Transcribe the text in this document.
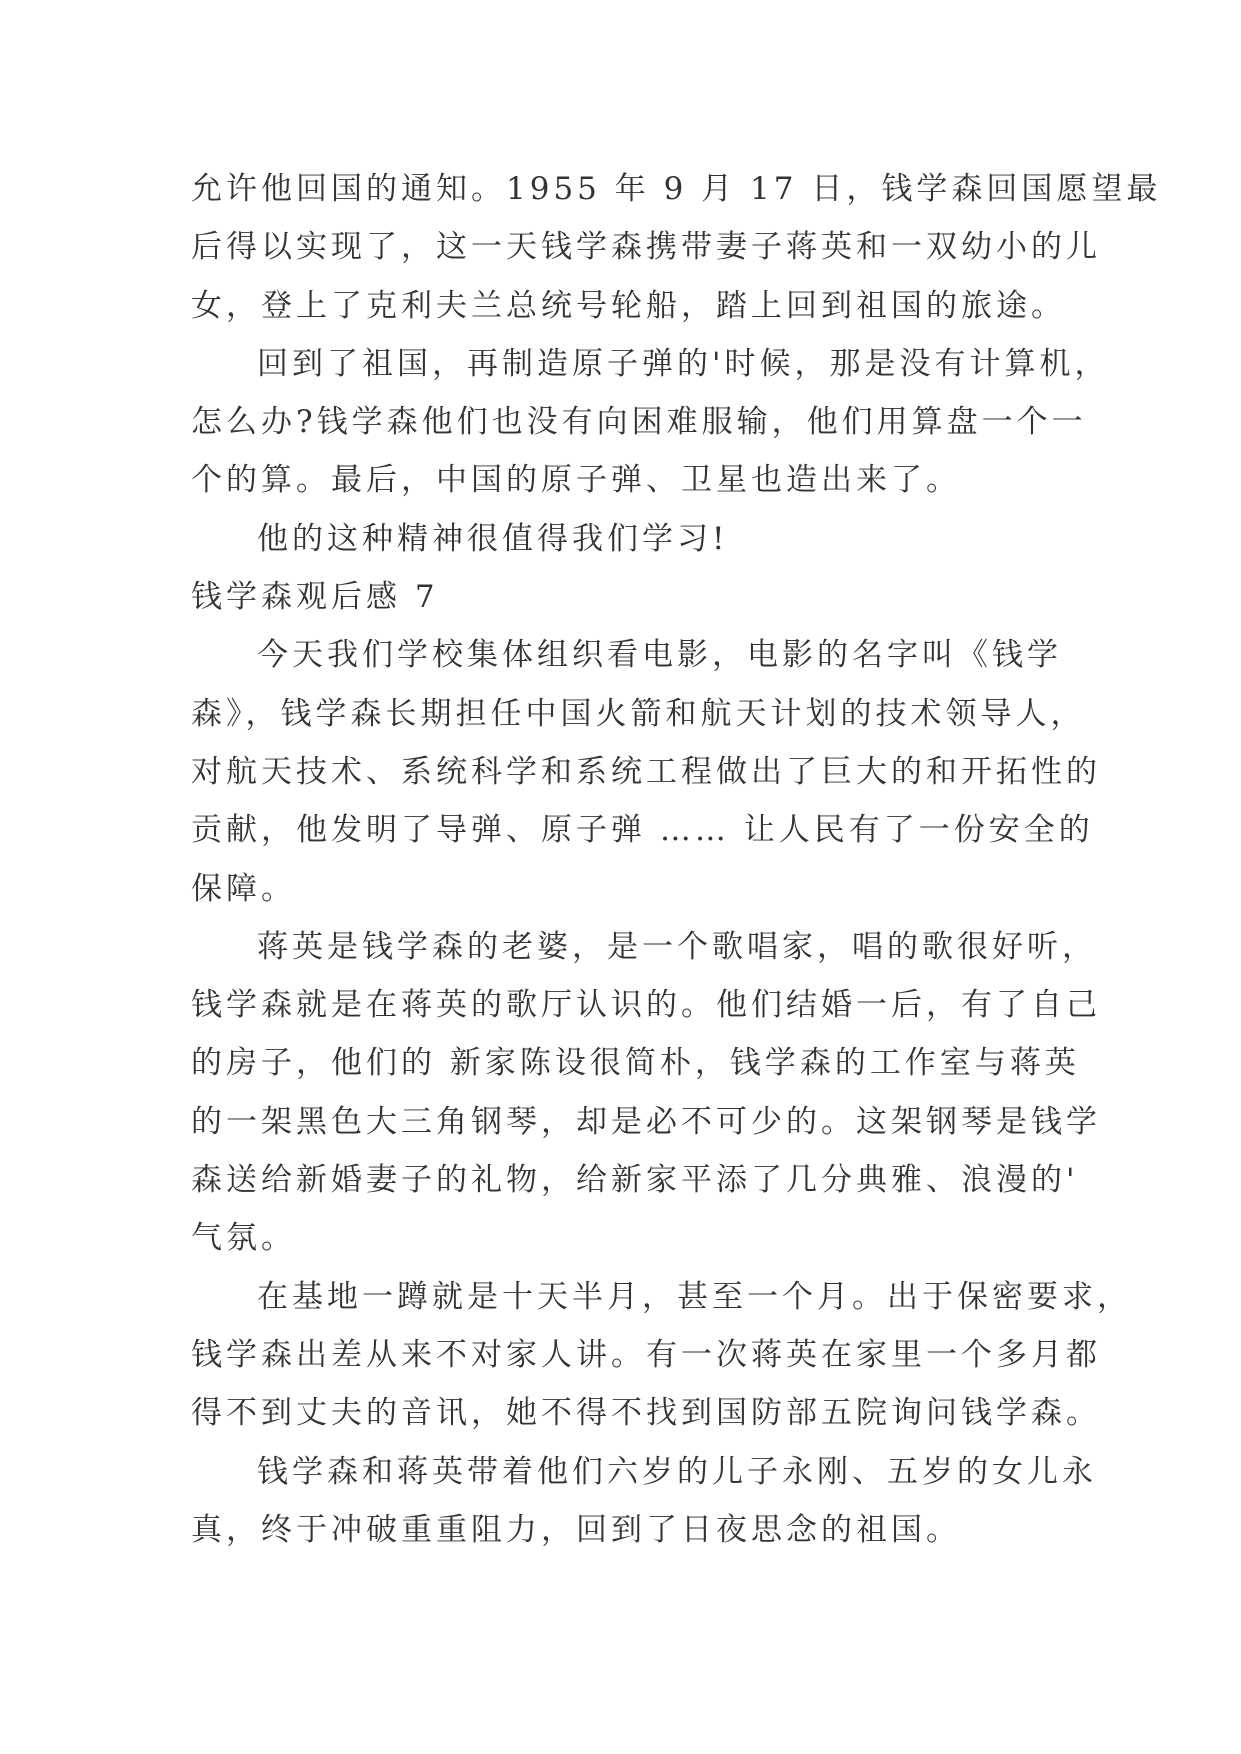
允许他回国的通知。1955 年 9 月 17 日，钱学森回国愿望最
后得以实现了，这一天钱学森携带妻子蒋英和一双幼小的儿
女，登上了克利夫兰总统号轮船，踏上回到祖国的旅途。
回到了祖国，再制造原子弹的'时候，那是没有计算机，
怎么办?钱学森他们也没有向困难服输，他们用算盘一个一
个的算。最后，中国的原子弹、卫星也造出来了。
他的这种精神很值得我们学习!
钱学森观后感 7
今天我们学校集体组织看电影，电影的名字叫《钱学
森》，钱学森长期担任中国火箭和航天计划的技术领导人，
对航天技术、系统科学和系统工程做出了巨大的和开拓性的
贡献，他发明了导弹、原子弹 …… 让人民有了一份安全的
保障。
蒋英是钱学森的老婆，是一个歌唱家，唱的歌很好听，
钱学森就是在蒋英的歌厅认识的。他们结婚一后，有了自己
的房子，他们的 新家陈设很简朴，钱学森的工作室与蒋英
的一架黑色大三角钢琴，却是必不可少的。这架钢琴是钱学
森送给新婚妻子的礼物，给新家平添了几分典雅、浪漫的'
气氛。
在基地一蹲就是十天半月，甚至一个月。出于保密要求，
钱学森出差从来不对家人讲。有一次蒋英在家里一个多月都
得不到丈夫的音讯，她不得不找到国防部五院询问钱学森。
钱学森和蒋英带着他们六岁的儿子永刚、五岁的女儿永
真，终于冲破重重阻力，回到了日夜思念的祖国。
